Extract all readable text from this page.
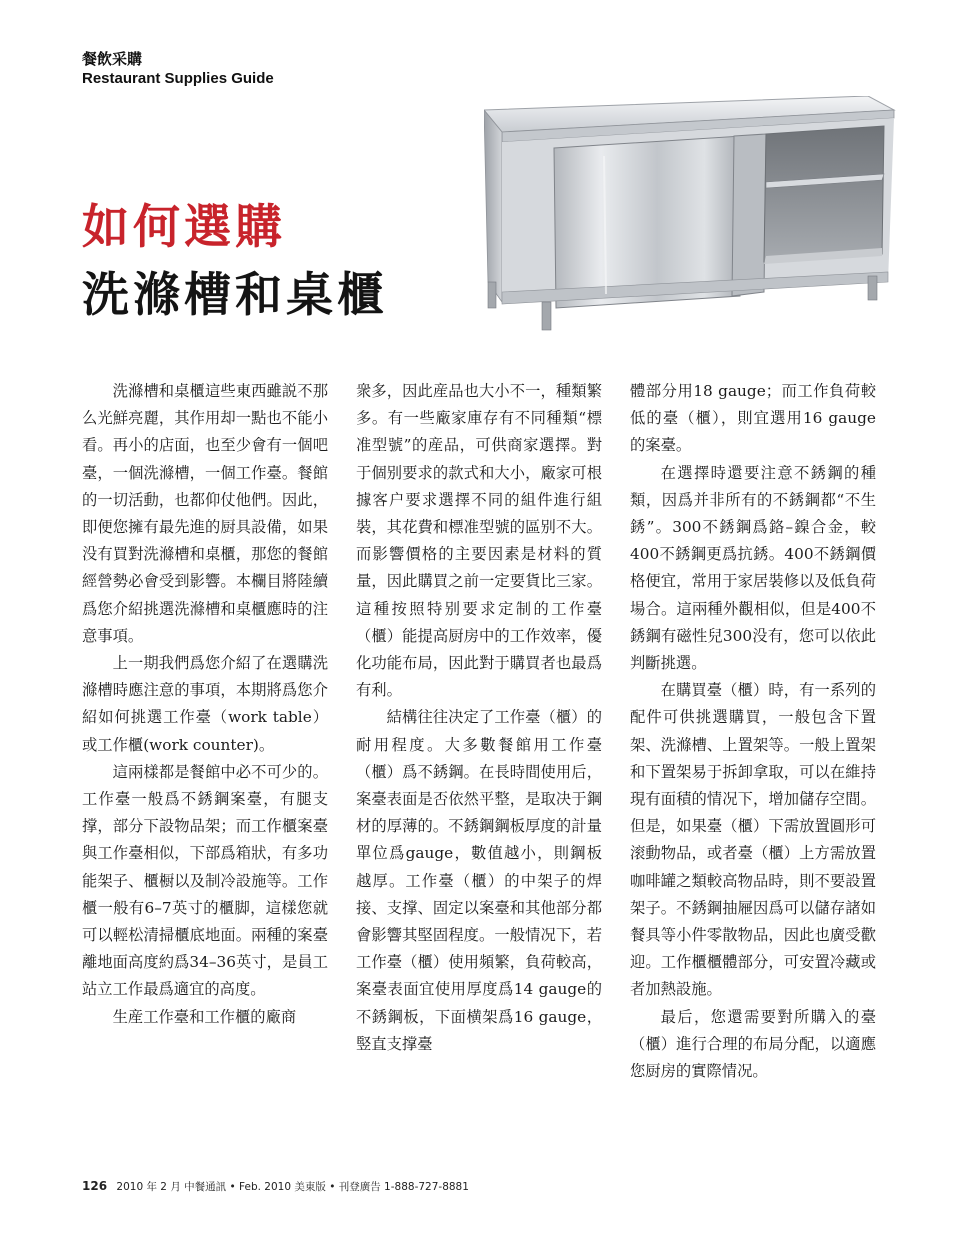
餐飲采購

Restaurant Supplies Guide

如何選購
洗滌槽和桌櫃

洗滌槽和桌櫃這些東西雖説不那么光鮮亮麗，其作用却一點也不能小看。再小的店面，也至少會有一個吧臺，一個洗滌槽，一個工作臺。餐館的一切活動，也都仰仗他們。因此，即便您擁有最先進的厨具設備，如果没有買對洗滌槽和桌櫃，那您的餐館經營勢必會受到影響。本欄目將陸續爲您介紹挑選洗滌槽和桌櫃應時的注意事項。

上一期我們爲您介紹了在選購洗滌槽時應注意的事項，本期將爲您介紹如何挑選工作臺（work table）或工作櫃(work counter)。

這兩樣都是餐館中必不可少的。工作臺一般爲不銹鋼案臺，有腿支撑，部分下設物品架；而工作櫃案臺與工作臺相似，下部爲箱狀，有多功能架子、櫃橱以及制冷設施等。工作櫃一般有6–7英寸的櫃脚，這樣您就可以輕松清掃櫃底地面。兩種的案臺離地面高度約爲34–36英寸，是員工站立工作最爲適宜的高度。

生産工作臺和工作櫃的廠商

衆多，因此産品也大小不一，種類繁多。有一些廠家庫存有不同種類“標准型號”的産品，可供商家選擇。對于個别要求的款式和大小，廠家可根據客户要求選擇不同的組件進行組裝，其花費和標准型號的區别不大。而影響價格的主要因素是材料的質量，因此購買之前一定要貨比三家。這種按照特别要求定制的工作臺（櫃）能提高厨房中的工作效率，優化功能布局，因此對于購買者也最爲有利。

結構往往决定了工作臺（櫃）的耐用程度。大多數餐館用工作臺（櫃）爲不銹鋼。在長時間使用后，案臺表面是否依然平整，是取决于鋼材的厚薄的。不銹鋼鋼板厚度的計量單位爲gauge，數值越小，則鋼板越厚。工作臺（櫃）的中架子的焊接、支撑、固定以案臺和其他部分都會影響其堅固程度。一般情况下，若工作臺（櫃）使用頻繁，負荷較高，案臺表面宜使用厚度爲14 gauge的不銹鋼板，下面横架爲16 gauge，竪直支撑臺

體部分用18 gauge；而工作負荷較低的臺（櫃），則宜選用16 gauge的案臺。

在選擇時還要注意不銹鋼的種類，因爲并非所有的不銹鋼都“不生銹”。300不銹鋼爲鉻–鎳合金，較400不銹鋼更爲抗銹。400不銹鋼價格便宜，常用于家居裝修以及低負荷場合。這兩種外觀相似，但是400不銹鋼有磁性兒300没有，您可以依此判斷挑選。

在購買臺（櫃）時，有一系列的配件可供挑選購買，一般包含下置架、洗滌槽、上置架等。一般上置架和下置架易于拆卸拿取，可以在維持現有面積的情况下，增加儲存空間。但是，如果臺（櫃）下需放置圓形可滚動物品，或者臺（櫃）上方需放置咖啡罐之類較高物品時，則不要設置架子。不銹鋼抽屜因爲可以儲存諸如餐具等小件零散物品，因此也廣受歡迎。工作櫃櫃體部分，可安置冷藏或者加熱設施。

最后，您還需要對所購入的臺（櫃）進行合理的布局分配，以適應您厨房的實際情况。

126 2010 年 2 月 中餐通訊 • Feb. 2010 美東版 • 刊登廣告 1-888-727-8881
